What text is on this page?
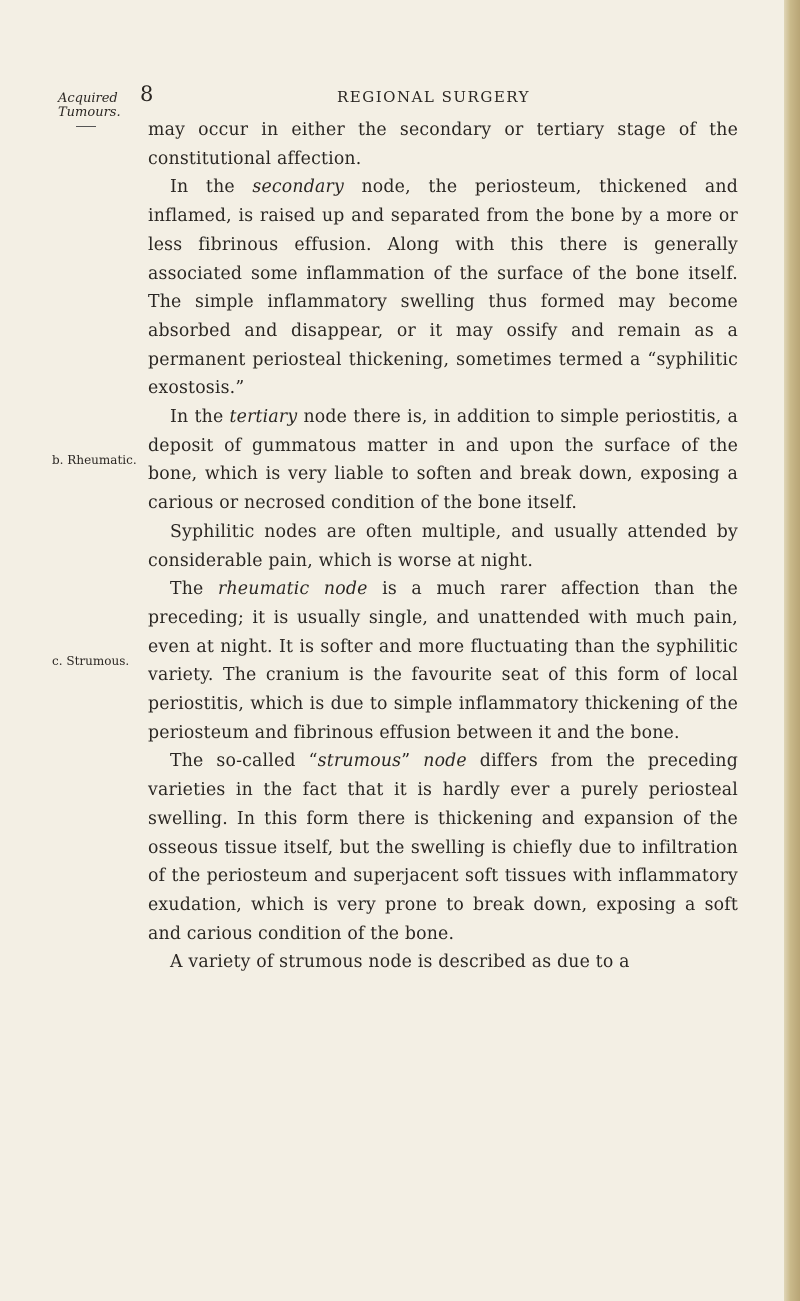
8	REGIONAL SURGERY
Acquired
Tumours.
b. Rheumatic.
c. Strumous.

may occur in either the secondary or tertiary stage of the constitutional affection.

In the secondary node, the periosteum, thickened and inflamed, is raised up and separated from the bone by a more or less fibrinous effusion. Along with this there is generally associated some inflammation of the surface of the bone itself. The simple inflammatory swelling thus formed may become absorbed and disappear, or it may ossify and remain as a permanent periosteal thickening, sometimes termed a “syphilitic exostosis.”

In the tertiary node there is, in addition to simple periostitis, a deposit of gummatous matter in and upon the surface of the bone, which is very liable to soften and break down, exposing a carious or necrosed condition of the bone itself.

Syphilitic nodes are often multiple, and usually attended by considerable pain, which is worse at night.

The rheumatic node is a much rarer affection than the preceding; it is usually single, and unattended with much pain, even at night. It is softer and more fluctuating than the syphilitic variety. The cranium is the favourite seat of this form of local periostitis, which is due to simple inflammatory thickening of the periosteum and fibrinous effusion between it and the bone.

The so-called “strumous” node differs from the preceding varieties in the fact that it is hardly ever a purely periosteal swelling. In this form there is thickening and expansion of the osseous tissue itself, but the swelling is chiefly due to infiltration of the periosteum and superjacent soft tissues with inflammatory exudation, which is very prone to break down, exposing a soft and carious condition of the bone.

A variety of strumous node is described as due to a
